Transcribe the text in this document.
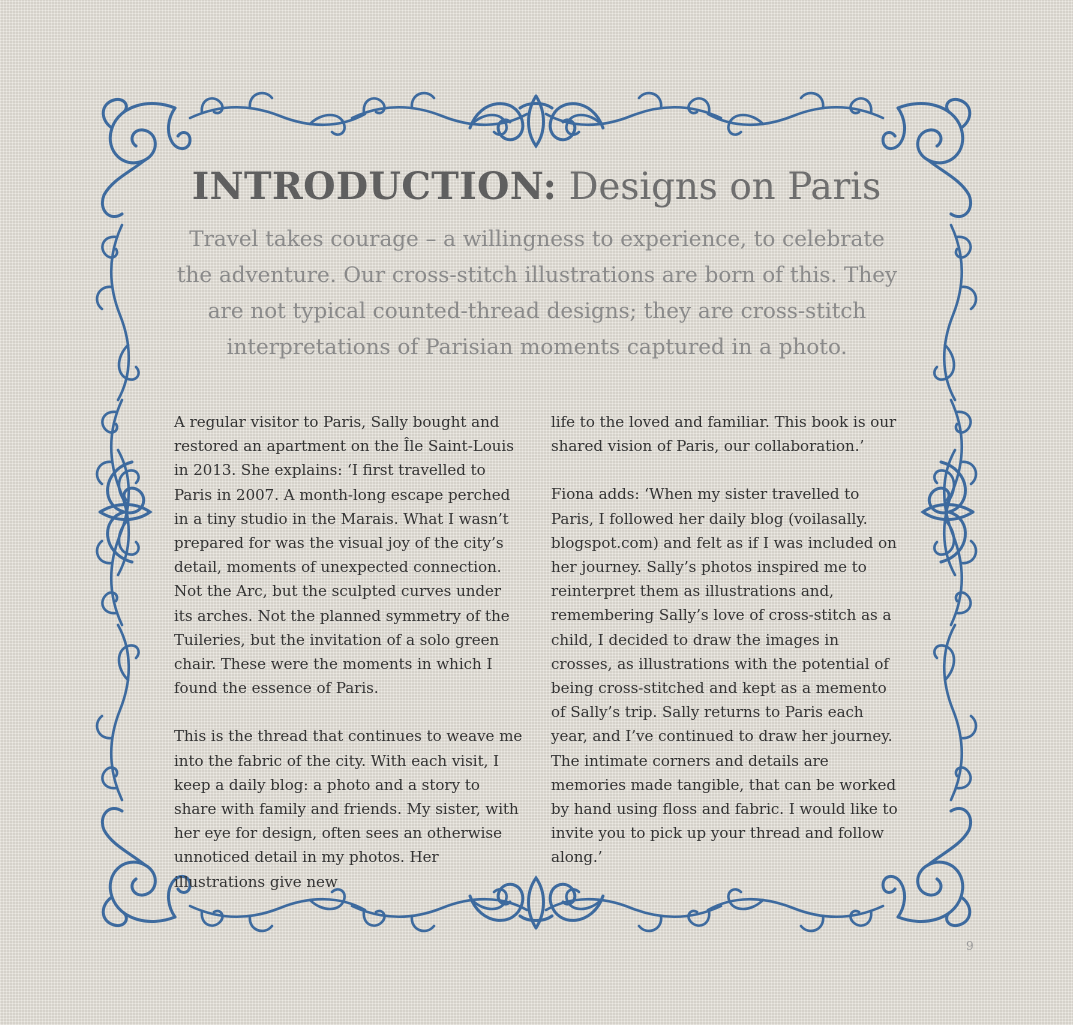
INTRODUCTION: Designs on Paris

Travel takes courage – a willingness to experience, to celebrate the adventure. Our cross-stitch illustrations are born of this. They are not typical counted-thread designs; they are cross-stitch interpretations of Parisian moments captured in a photo.

A regular visitor to Paris, Sally bought and restored an apartment on the Île Saint-Louis in 2013. She explains: ‘I first travelled to Paris in 2007. A month-long escape perched in a tiny studio in the Marais. What I wasn’t prepared for was the visual joy of the city’s detail, moments of unexpected connection. Not the Arc, but the sculpted curves under its arches. Not the planned symmetry of the Tuileries, but the invitation of a solo green chair. These were the moments in which I found the essence of Paris.

This is the thread that continues to weave me into the fabric of the city. With each visit, I keep a daily blog: a photo and a story to share with family and friends. My sister, with her eye for design, often sees an otherwise unnoticed detail in my photos. Her illustrations give new

life to the loved and familiar. This book is our shared vision of Paris, our collaboration.’

Fiona adds: ‘When my sister travelled to Paris, I followed her daily blog (voilasally. blogspot.com) and felt as if I was included on her journey. Sally’s photos inspired me to reinterpret them as illustrations and, remembering Sally’s love of cross-stitch as a child, I decided to draw the images in crosses, as illustrations with the potential of being cross-stitched and kept as a memento of Sally’s trip. Sally returns to Paris each year, and I’ve continued to draw her journey. The intimate corners and details are memories made tangible, that can be worked by hand using floss and fabric. I would like to invite you to pick up your thread and follow along.’

9
